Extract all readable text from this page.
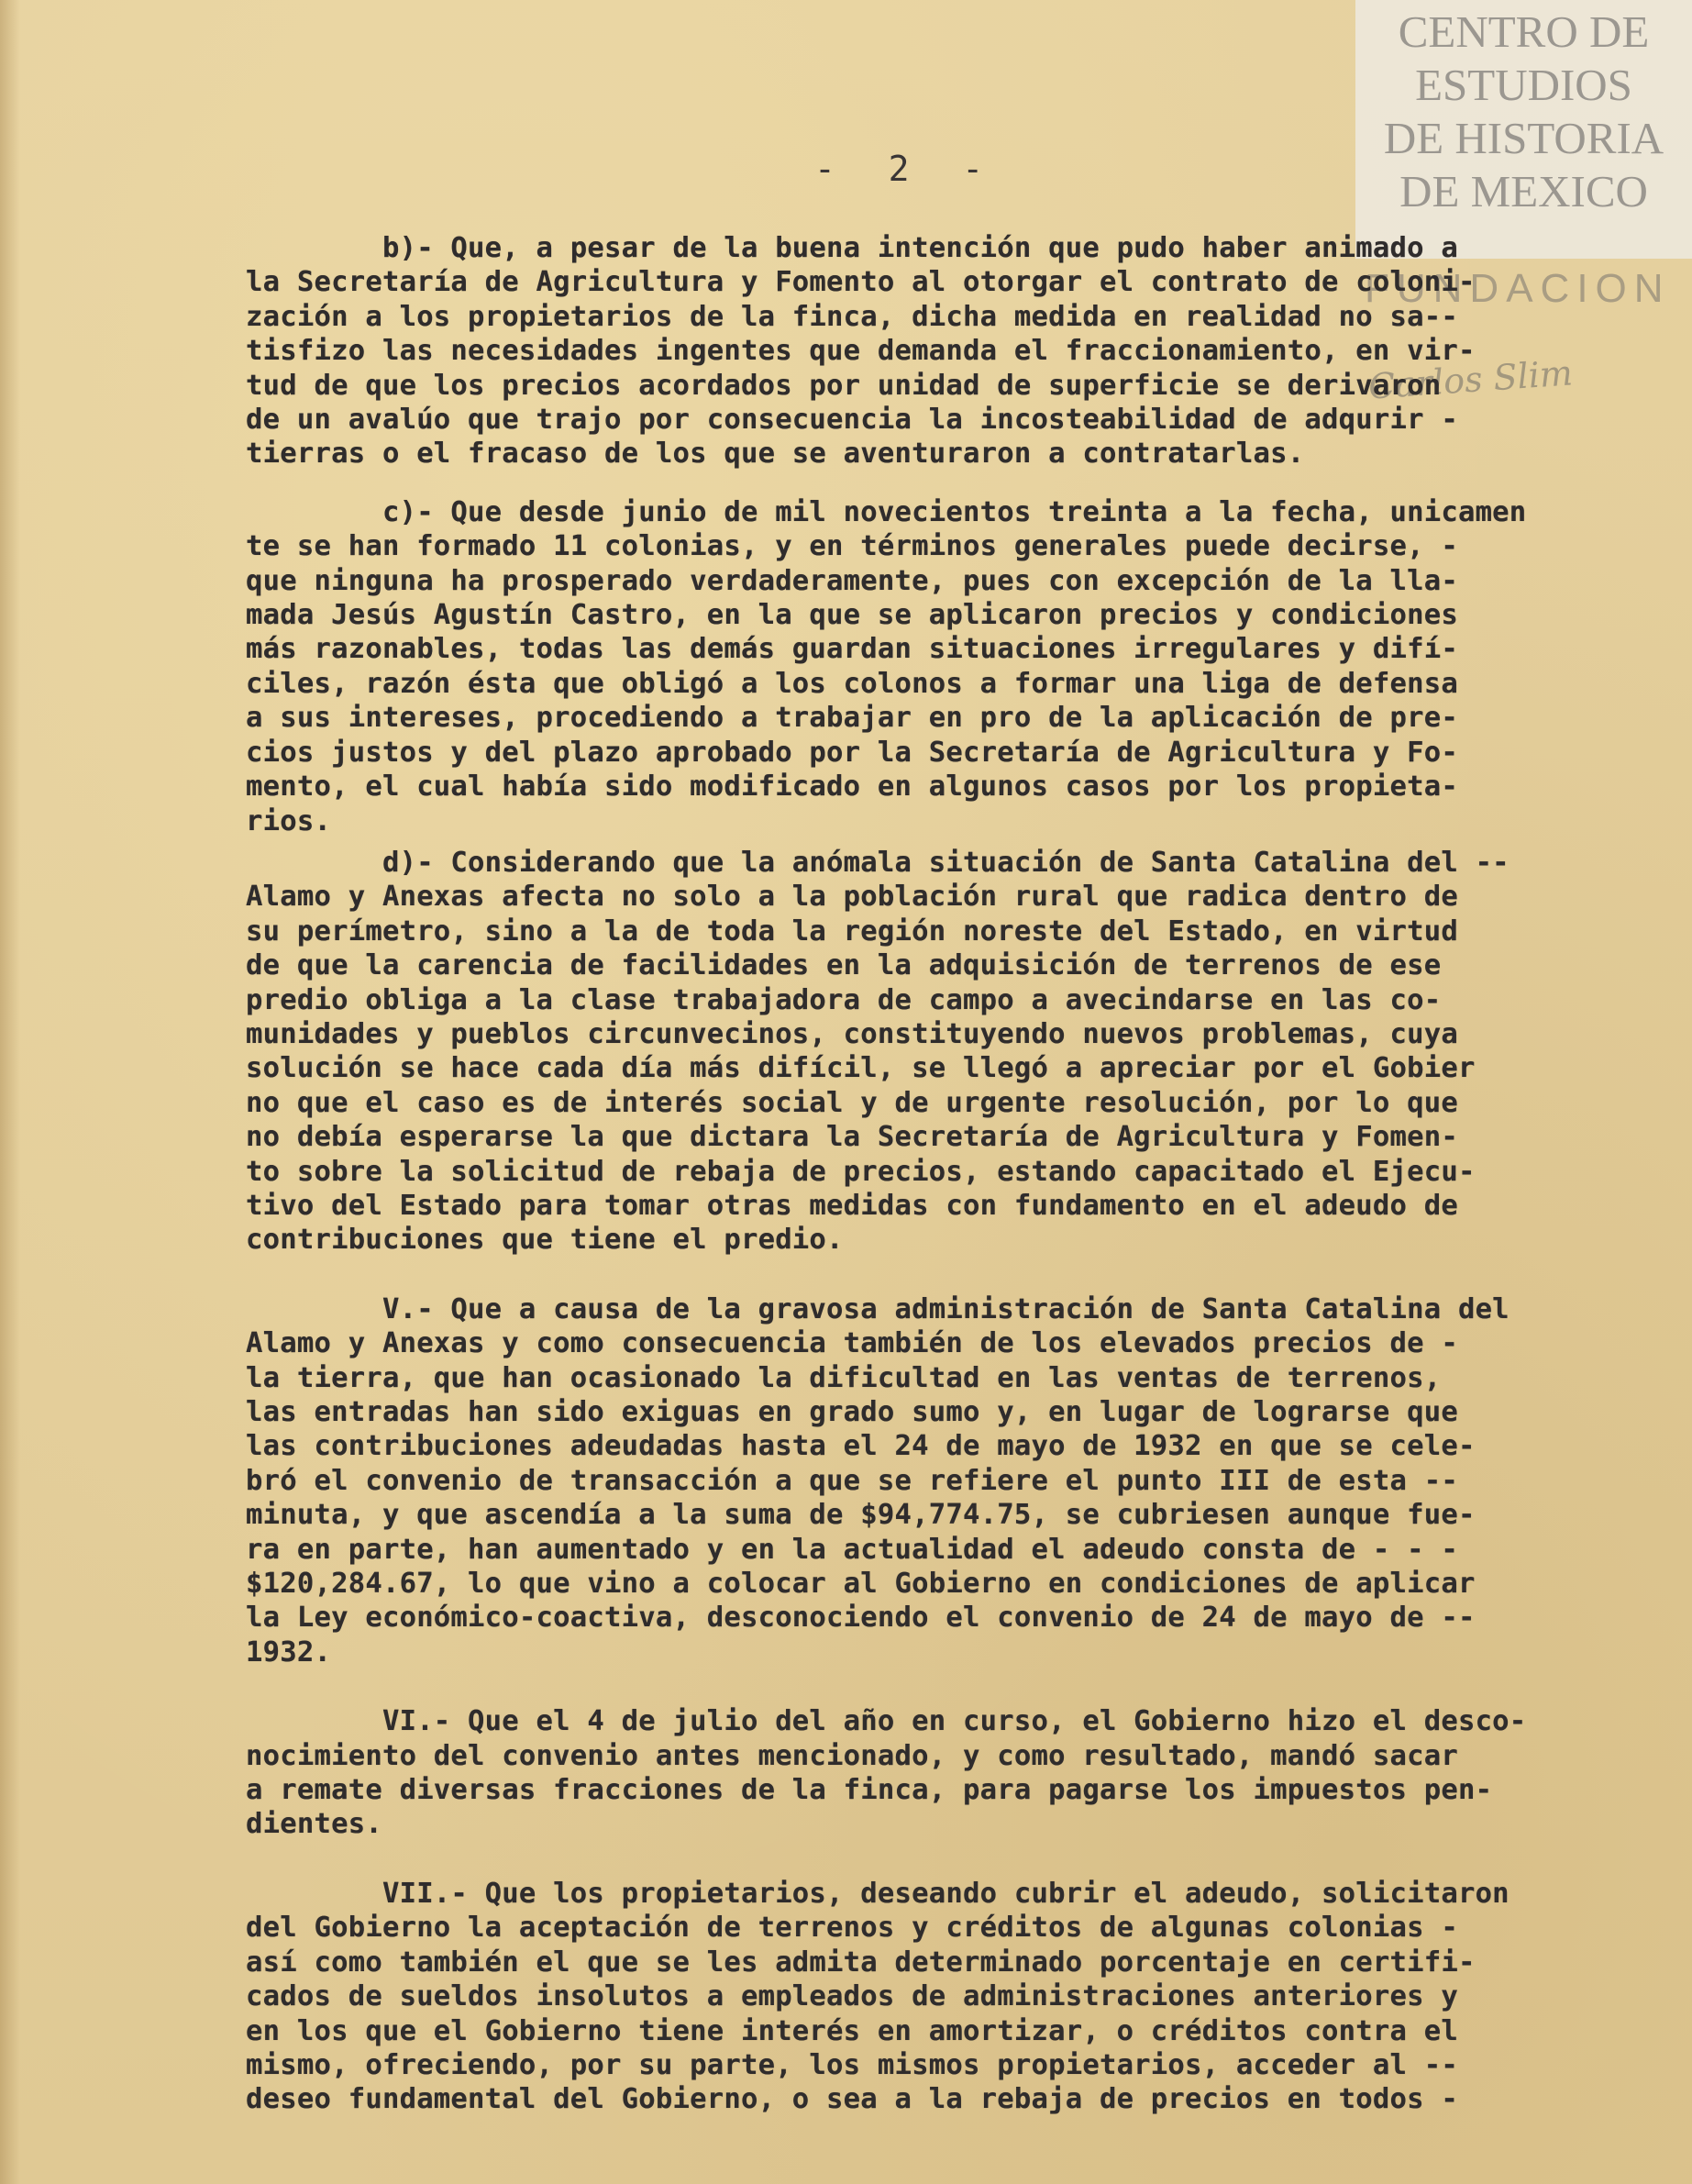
CENTRO DE
ESTUDIOS
DE HISTORIA
DE MEXICO
FUNDACION
Carlos Slim
-  2  -
b)- Que, a pesar de la buena intención que pudo haber animado a
la Secretaría de Agricultura y Fomento al otorgar el contrato de coloni-
zación a los propietarios de la finca, dicha medida en realidad no sa--
tisfizo las necesidades ingentes que demanda el fraccionamiento, en vir-
tud de que los precios acordados por unidad de superficie se derivaron
de un avalúo que trajo por consecuencia la incosteabilidad de adqurir -
tierras o el fracaso de los que se aventuraron a contratarlas.
c)- Que desde junio de mil novecientos treinta a la fecha, unicamen
te se han formado 11 colonias, y en términos generales puede decirse, -
que ninguna ha prosperado verdaderamente, pues con excepción de la lla-
mada Jesús Agustín Castro, en la que se aplicaron precios y condiciones
más razonables, todas las demás guardan situaciones irregulares y difí-
ciles, razón ésta que obligó a los colonos a formar una liga de defensa
a sus intereses, procediendo a trabajar en pro de la aplicación de pre-
cios justos y del plazo aprobado por la Secretaría de Agricultura y Fo-
mento, el cual había sido modificado en algunos casos por los propieta-
rios.
d)- Considerando que la anómala situación de Santa Catalina del --
Alamo y Anexas afecta no solo a la población rural que radica dentro de
su perímetro, sino a la de toda la región noreste del Estado, en virtud
de que la carencia de facilidades en la adquisición de terrenos de ese
predio obliga a la clase trabajadora de campo a avecindarse en las co-
munidades y pueblos circunvecinos, constituyendo nuevos problemas, cuya
solución se hace cada día más difícil, se llegó a apreciar por el Gobier
no que el caso es de interés social y de urgente resolución, por lo que
no debía esperarse la que dictara la Secretaría de Agricultura y Fomen-
to sobre la solicitud de rebaja de precios, estando capacitado el Ejecu-
tivo del Estado para tomar otras medidas con fundamento en el adeudo de
contribuciones que tiene el predio.
V.- Que a causa de la gravosa administración de Santa Catalina del
Alamo y Anexas y como consecuencia también de los elevados precios de -
la tierra, que han ocasionado la dificultad en las ventas de terrenos,
las entradas han sido exiguas en grado sumo y, en lugar de lograrse que
las contribuciones adeudadas hasta el 24 de mayo de 1932 en que se cele-
bró el convenio de transacción a que se refiere el punto III de esta --
minuta, y que ascendía a la suma de $94,774.75, se cubriesen aunque fue-
ra en parte, han aumentado y en la actualidad el adeudo consta de - - -
$120,284.67, lo que vino a colocar al Gobierno en condiciones de aplicar
la Ley económico-coactiva, desconociendo el convenio de 24 de mayo de --
1932.
VI.- Que el 4 de julio del año en curso, el Gobierno hizo el desco-
nocimiento del convenio antes mencionado, y como resultado, mandó sacar
a remate diversas fracciones de la finca, para pagarse los impuestos pen-
dientes.
VII.- Que los propietarios, deseando cubrir el adeudo, solicitaron
del Gobierno la aceptación de terrenos y créditos de algunas colonias -
así como también el que se les admita determinado porcentaje en certifi-
cados de sueldos insolutos a empleados de administraciones anteriores y
en los que el Gobierno tiene interés en amortizar, o créditos contra el
mismo, ofreciendo, por su parte, los mismos propietarios, acceder al --
deseo fundamental del Gobierno, o sea a la rebaja de precios en todos -
